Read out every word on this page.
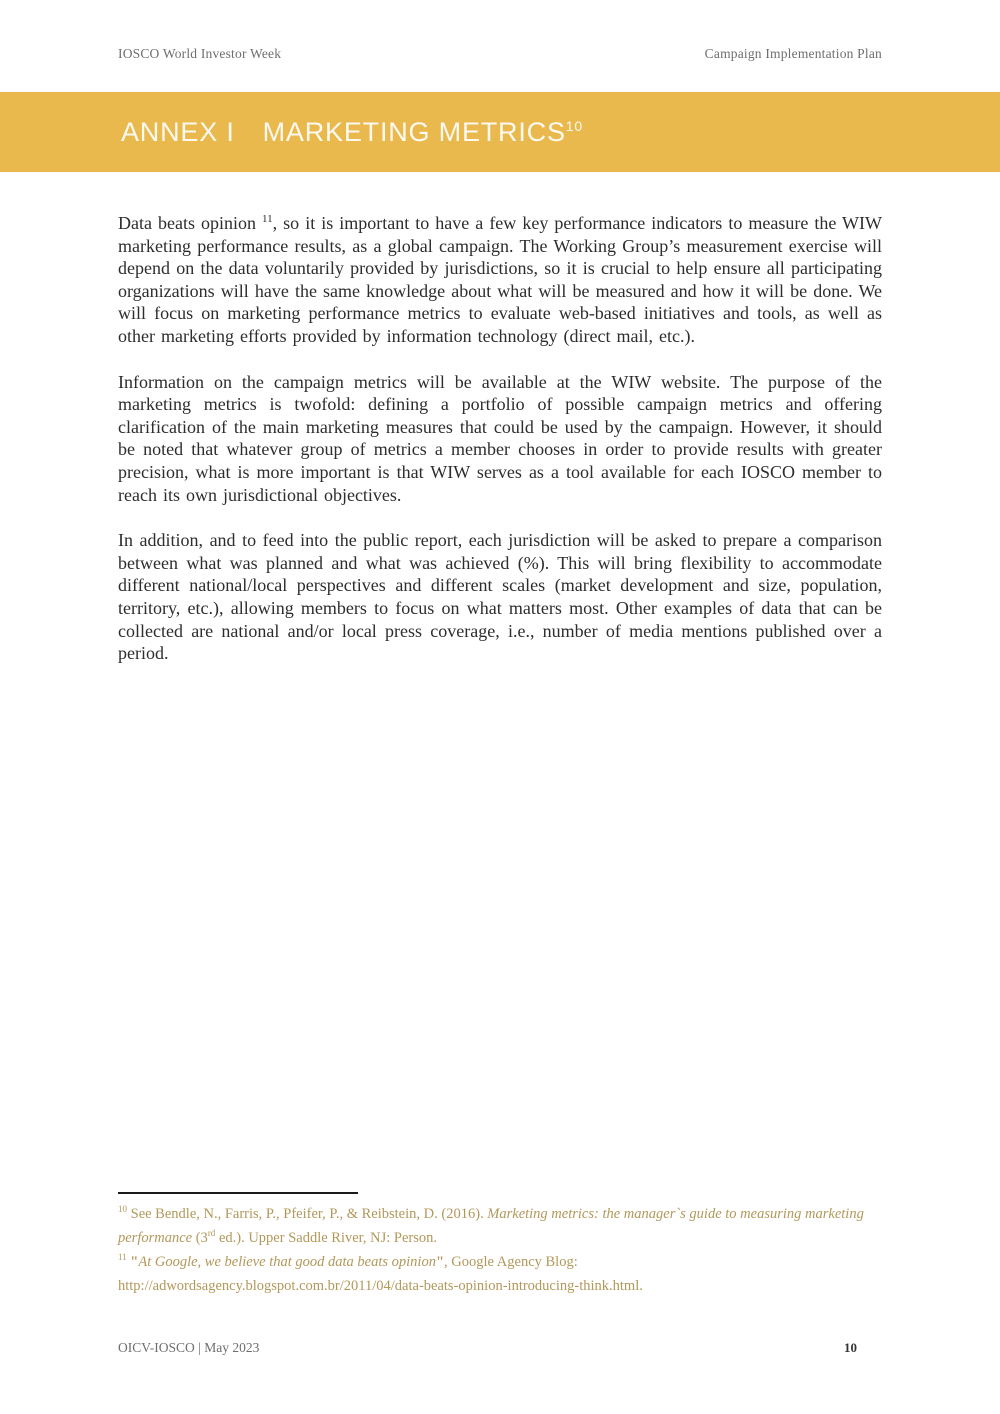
IOSCO World Investor Week	Campaign Implementation Plan
ANNEX I MARKETING METRICS$^{10}$

Data beats opinion $^{11}$, so it is important to have a few key performance indicators to measure the WIW marketing performance results, as a global campaign. The Working Group’s measurement exercise will depend on the data voluntarily provided by jurisdictions, so it is crucial to help ensure all participating organizations will have the same knowledge about what will be measured and how it will be done. We will focus on marketing performance metrics to evaluate web-based initiatives and tools, as well as other marketing efforts provided by information technology (direct mail, etc.).

Information on the campaign metrics will be available at the WIW website. The purpose of the marketing metrics is twofold: defining a portfolio of possible campaign metrics and offering clarification of the main marketing measures that could be used by the campaign. However, it should be noted that whatever group of metrics a member chooses in order to provide results with greater precision, what is more important is that WIW serves as a tool available for each IOSCO member to reach its own jurisdictional objectives.

In addition, and to feed into the public report, each jurisdiction will be asked to prepare a comparison between what was planned and what was achieved (%). This will bring flexibility to accommodate different national/local perspectives and different scales (market development and size, population, territory, etc.), allowing members to focus on what matters most. Other examples of data that can be collected are national and/or local press coverage, i.e., number of media mentions published over a period.

$^{10}$ See Bendle, N., Farris, P., Pfeifer, P., & Reibstein, D. (2016). Marketing metrics: the manager`s guide to measuring marketing performance (3rd ed.). Upper Saddle River, NJ: Person.

$^{11}$ "At Google, we believe that good data beats opinion", Google Agency Blog:
http://adwordsagency.blogspot.com.br/2011/04/data-beats-opinion-introducing-think.html.

OICV-IOSCO | May 2023	10
